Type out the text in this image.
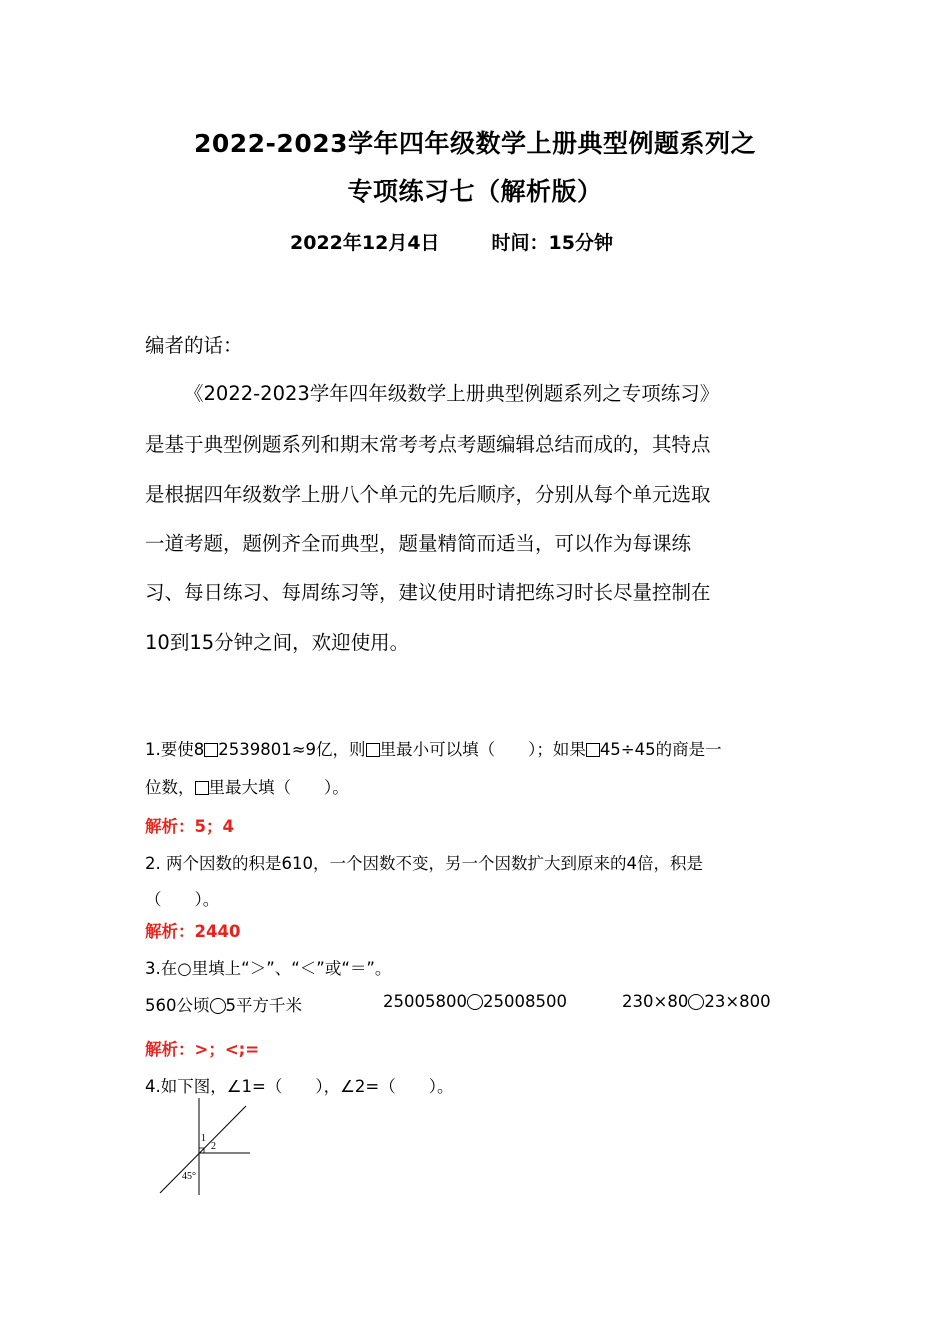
2022-2023学年四年级数学上册典型例题系列之
专项练习七（解析版）
2022年12月4日	时间：15分钟
编者的话：
《2022-2023学年四年级数学上册典型例题系列之专项练习》
是基于典型例题系列和期末常考考点考题编辑总结而成的，其特点
是根据四年级数学上册八个单元的先后顺序，分别从每个单元选取
一道考题，题例齐全而典型，题量精简而适当，可以作为每课练
习、每日练习、每周练习等，建议使用时请把练习时长尽量控制在
10到15分钟之间，欢迎使用。
1.要使8 2539801≈9亿，则 里最小可以填（　　）；如果 45÷45的商是一
位数， 里最大填（　　）。
解析：5；4
2. 两个因数的积是610，一个因数不变，另一个因数扩大到原来的4倍，积是
（　　）。
解析：2440
3.在○里填上“＞”、“＜”或“＝”。
560公顷 5平方千米	25005800 25008500	230×80 23×800
解析：>；<;=
4.如下图，∠1=（　　），∠2=（　　）。
1
2
45°
